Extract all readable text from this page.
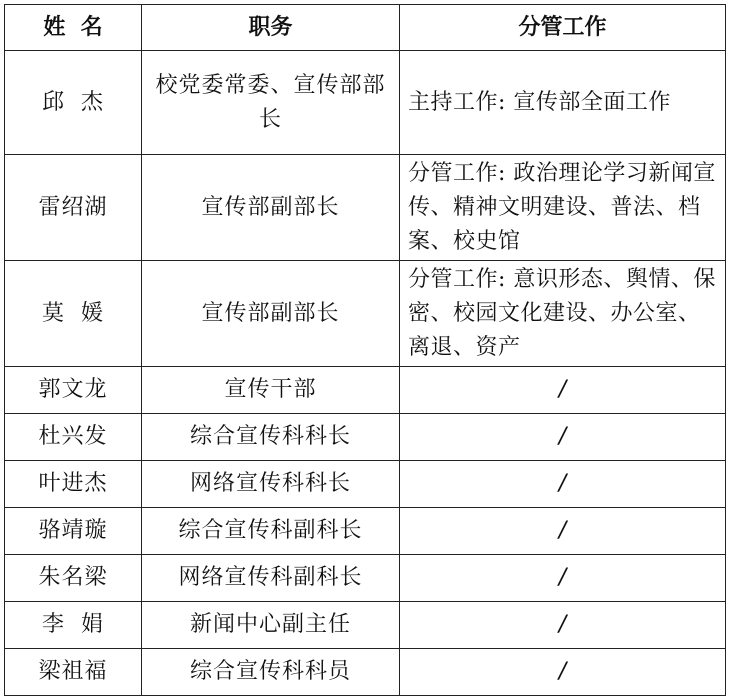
姓  名	职务	分管工作
邱  杰	校党委常委、宣传部部长	主持工作: 宣传部全面工作
雷绍湖	宣传部副部长	分管工作: 政治理论学习新闻宣传、精神文明建设、普法、档案、校史馆
莫  媛	宣传部副部长	分管工作: 意识形态、舆情、保密、校园文化建设、办公室、离退、资产
郭文龙	宣传干部	/
杜兴发	综合宣传科科长	/
叶进杰	网络宣传科科长	/
骆靖璇	综合宣传科副科长	/
朱名梁	网络宣传科副科长	/
李  娟	新闻中心副主任	/
梁祖福	综合宣传科科员	/
